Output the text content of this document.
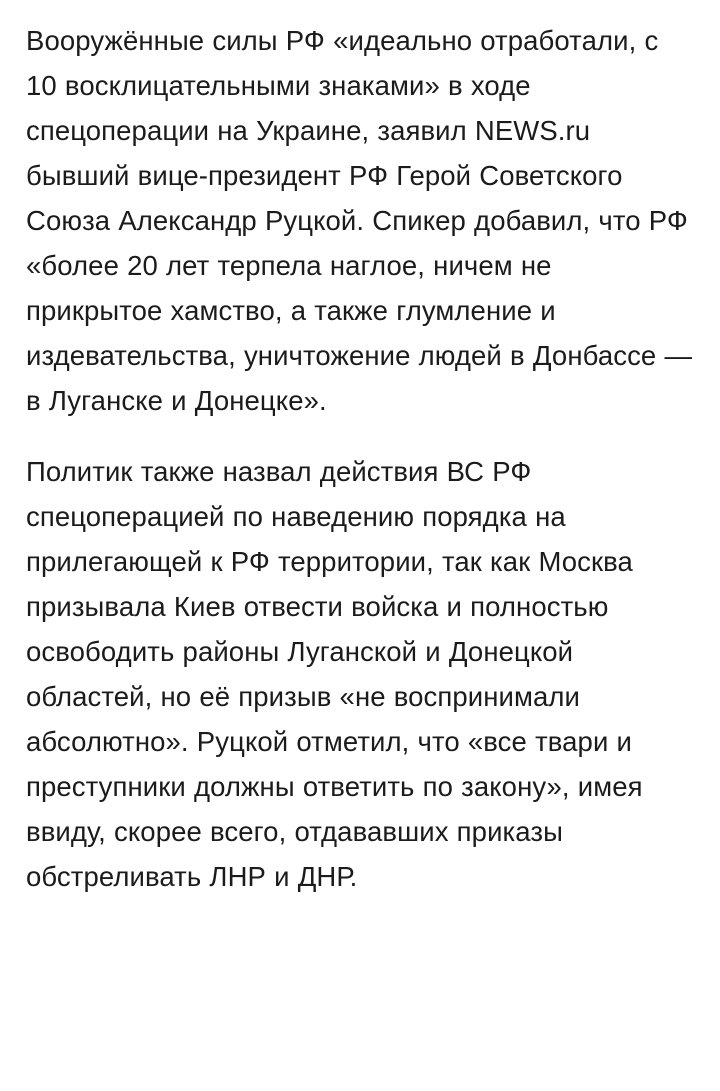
Вооружённые силы РФ «идеально отработали, с 10 восклицательными знаками» в ходе спецоперации на Украине, заявил NEWS.ru бывший вице-президент РФ Герой Советского Союза Александр Руцкой. Спикер добавил, что РФ «более 20 лет терпела наглое, ничем не прикрытое хамство, а также глумление и издевательства, уничтожение людей в Донбассе — в Луганске и Донецке».

Политик также назвал действия ВС РФ спецоперацией по наведению порядка на прилегающей к РФ территории, так как Москва призывала Киев отвести войска и полностью освободить районы Луганской и Донецкой областей, но её призыв «не воспринимали абсолютно». Руцкой отметил, что «все твари и преступники должны ответить по закону», имея ввиду, скорее всего, отдававших приказы обстреливать ЛНР и ДНР.
